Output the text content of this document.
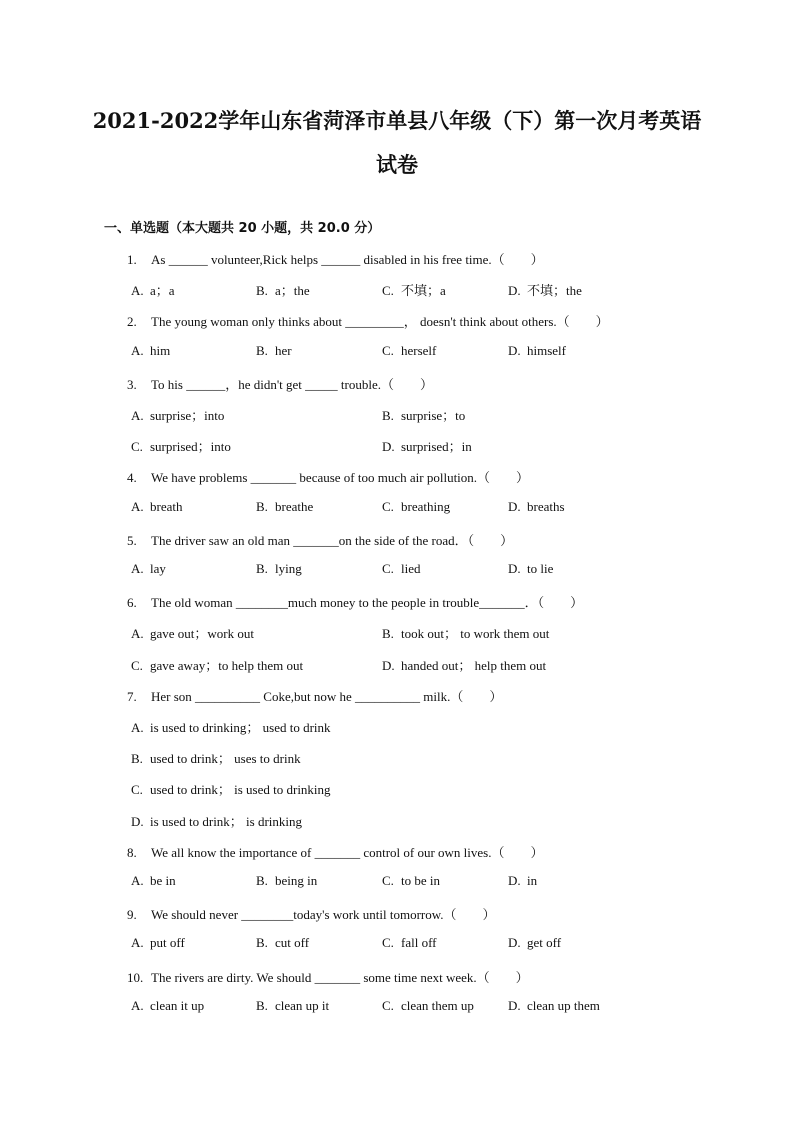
2021-2022学年山东省菏泽市单县八年级（下）第一次月考英语
试卷
一、单选题（本大题共 20 小题，共 20.0 分）
1. As ______ volunteer,Rick helps ______ disabled in his free time.（　　）
A. a；a	B. a；the	C. 不填；a	D. 不填；the
2. The young woman only thinks about _________， doesn't think about others.（　　）
A. him	B. her	C. herself	D. himself
3. To his ______，he didn't get _____ trouble.（　　）
A. surprise；into	B. surprise；to
C. surprised；into	D. surprised；in
4. We have problems _______ because of too much air pollution.（　　）
A. breath	B. breathe	C. breathing	D. breaths
5. The driver saw an old man _______on the side of the road．（　　）
A. lay	B. lying	C. lied	D. to lie
6. The old woman ________much money to the people in trouble_______．（　　）
A. gave out；work out	B. took out； to work them out
C. gave away；to help them out	D. handed out； help them out
7. Her son __________ Coke,but now he __________ milk.（　　）
A. is used to drinking； used to drink
B. used to drink； uses to drink
C. used to drink； is used to drinking
D. is used to drink； is drinking
8. We all know the importance of _______ control of our own lives.（　　）
A. be in	B. being in	C. to be in	D. in
9. We should never ________today's work until tomorrow.（　　）
A. put off	B. cut off	C. fall off	D. get off
10. The rivers are dirty. We should _______ some time next week.（　　）
A. clean it up	B. clean up it	C. clean them up	D. clean up them
